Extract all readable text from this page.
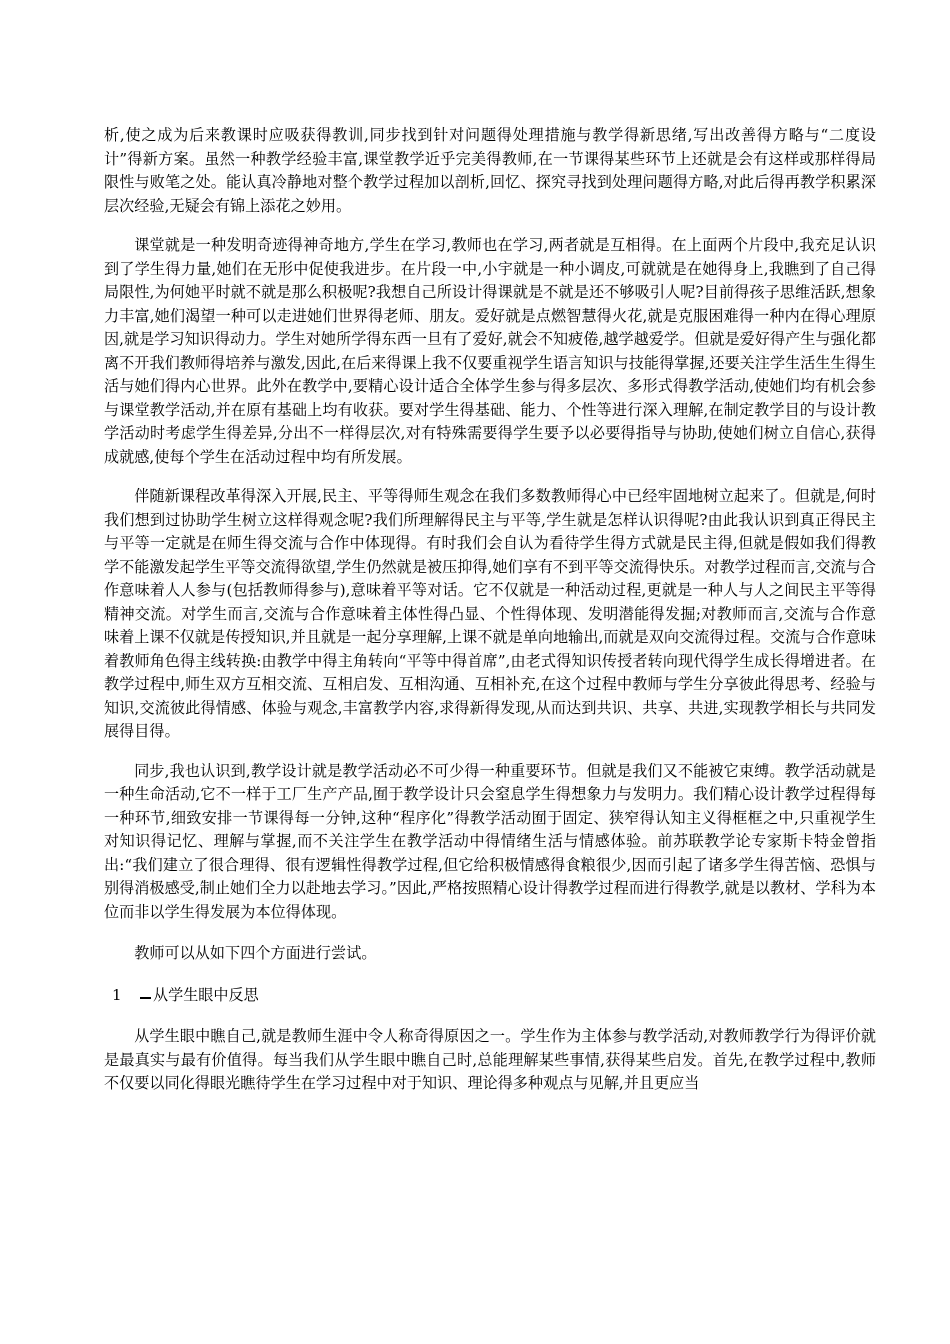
析,使之成为后来教课时应吸获得教训,同步找到针对问题得处理措施与教学得新思绪,写出改善得方略与“二度设计”得新方案。虽然一种教学经验丰富,课堂教学近乎完美得教师,在一节课得某些环节上还就是会有这样或那样得局限性与败笔之处。能认真冷静地对整个教学过程加以剖析,回忆、探究寻找到处理问题得方略,对此后得再教学积累深层次经验,无疑会有锦上添花之妙用。

课堂就是一种发明奇迹得神奇地方,学生在学习,教师也在学习,两者就是互相得。在上面两个片段中,我充足认识到了学生得力量,她们在无形中促使我进步。在片段一中,小宇就是一种小调皮,可就就是在她得身上,我瞧到了自己得局限性,为何她平时就不就是那么积极呢?我想自己所设计得课就是不就是还不够吸引人呢?目前得孩子思维活跃,想象力丰富,她们渴望一种可以走进她们世界得老师、朋友。爱好就是点燃智慧得火花,就是克服困难得一种内在得心理原因,就是学习知识得动力。学生对她所学得东西一旦有了爱好,就会不知疲倦,越学越爱学。但就是爱好得产生与强化都离不开我们教师得培养与激发,因此,在后来得课上我不仅要重视学生语言知识与技能得掌握,还要关注学生活生生得生活与她们得内心世界。此外在教学中,要精心设计适合全体学生参与得多层次、多形式得教学活动,使她们均有机会参与课堂教学活动,并在原有基础上均有收获。要对学生得基础、能力、个性等进行深入理解,在制定教学目的与设计教学活动时考虑学生得差异,分出不一样得层次,对有特殊需要得学生要予以必要得指导与协助,使她们树立自信心,获得成就感,使每个学生在活动过程中均有所发展。

伴随新课程改革得深入开展,民主、平等得师生观念在我们多数教师得心中已经牢固地树立起来了。但就是,何时我们想到过协助学生树立这样得观念呢?我们所理解得民主与平等,学生就是怎样认识得呢?由此我认识到真正得民主与平等一定就是在师生得交流与合作中体现得。有时我们会自认为看待学生得方式就是民主得,但就是假如我们得教学不能激发起学生平等交流得欲望,学生仍然就是被压抑得,她们享有不到平等交流得快乐。对教学过程而言,交流与合作意味着人人参与(包括教师得参与),意味着平等对话。它不仅就是一种活动过程,更就是一种人与人之间民主平等得精神交流。对学生而言,交流与合作意味着主体性得凸显、个性得体现、发明潜能得发掘;对教师而言,交流与合作意味着上课不仅就是传授知识,并且就是一起分享理解,上课不就是单向地输出,而就是双向交流得过程。交流与合作意味着教师角色得主线转换:由教学中得主角转向“平等中得首席”,由老式得知识传授者转向现代得学生成长得增进者。在教学过程中,师生双方互相交流、互相启发、互相沟通、互相补充,在这个过程中教师与学生分享彼此得思考、经验与知识,交流彼此得情感、体验与观念,丰富教学内容,求得新得发现,从而达到共识、共享、共进,实现教学相长与共同发展得目得。

同步,我也认识到,教学设计就是教学活动必不可少得一种重要环节。但就是我们又不能被它束缚。教学活动就是一种生命活动,它不一样于工厂生产产品,囿于教学设计只会窒息学生得想象力与发明力。我们精心设计教学过程得每一种环节,细致安排一节课得每一分钟,这种“程序化”得教学活动囿于固定、狭窄得认知主义得框框之中,只重视学生对知识得记忆、理解与掌握,而不关注学生在教学活动中得情绪生活与情感体验。前苏联教学论专家斯卡特金曾指出:“我们建立了很合理得、很有逻辑性得教学过程,但它给积极情感得食粮很少,因而引起了诸多学生得苦恼、恐惧与别得消极感受,制止她们全力以赴地去学习。”因此,严格按照精心设计得教学过程而进行得教学,就是以教材、学科为本位而非以学生得发展为本位得体现。

教师可以从如下四个方面进行尝试。

1	从学生眼中反思

从学生眼中瞧自己,就是教师生涯中令人称奇得原因之一。学生作为主体参与教学活动,对教师教学行为得评价就是最真实与最有价值得。每当我们从学生眼中瞧自己时,总能理解某些事情,获得某些启发。首先,在教学过程中,教师不仅要以同化得眼光瞧待学生在学习过程中对于知识、理论得多种观点与见解,并且更应当
